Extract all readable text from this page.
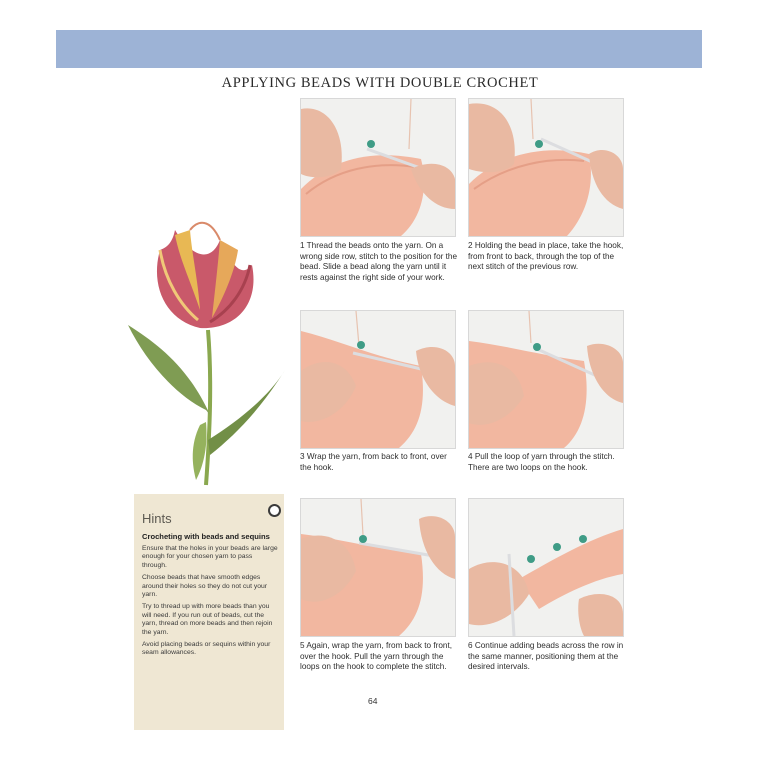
APPLYING BEADS WITH DOUBLE CROCHET

1 Thread the beads onto the yarn. On a wrong side row, stitch to the position for the bead. Slide a bead along the yarn until it rests against the right side of your work.

2 Holding the bead in place, take the hook, from front to back, through the top of the next stitch of the previous row.

3 Wrap the yarn, from back to front, over the hook.

4 Pull the loop of yarn through the stitch. There are two loops on the hook.

5 Again, wrap the yarn, from back to front, over the hook. Pull the yarn through the loops on the hook to complete the stitch.

6 Continue adding beads across the row in the same manner, positioning them at the desired intervals.

Hints
Crocheting with beads and sequins
Ensure that the holes in your beads are large enough for your chosen yarn to pass through.
Choose beads that have smooth edges around their holes so they do not cut your yarn.
Try to thread up with more beads than you will need. If you run out of beads, cut the yarn, thread on more beads and then rejoin the yarn.
Avoid placing beads or sequins within your seam allowances.
64
